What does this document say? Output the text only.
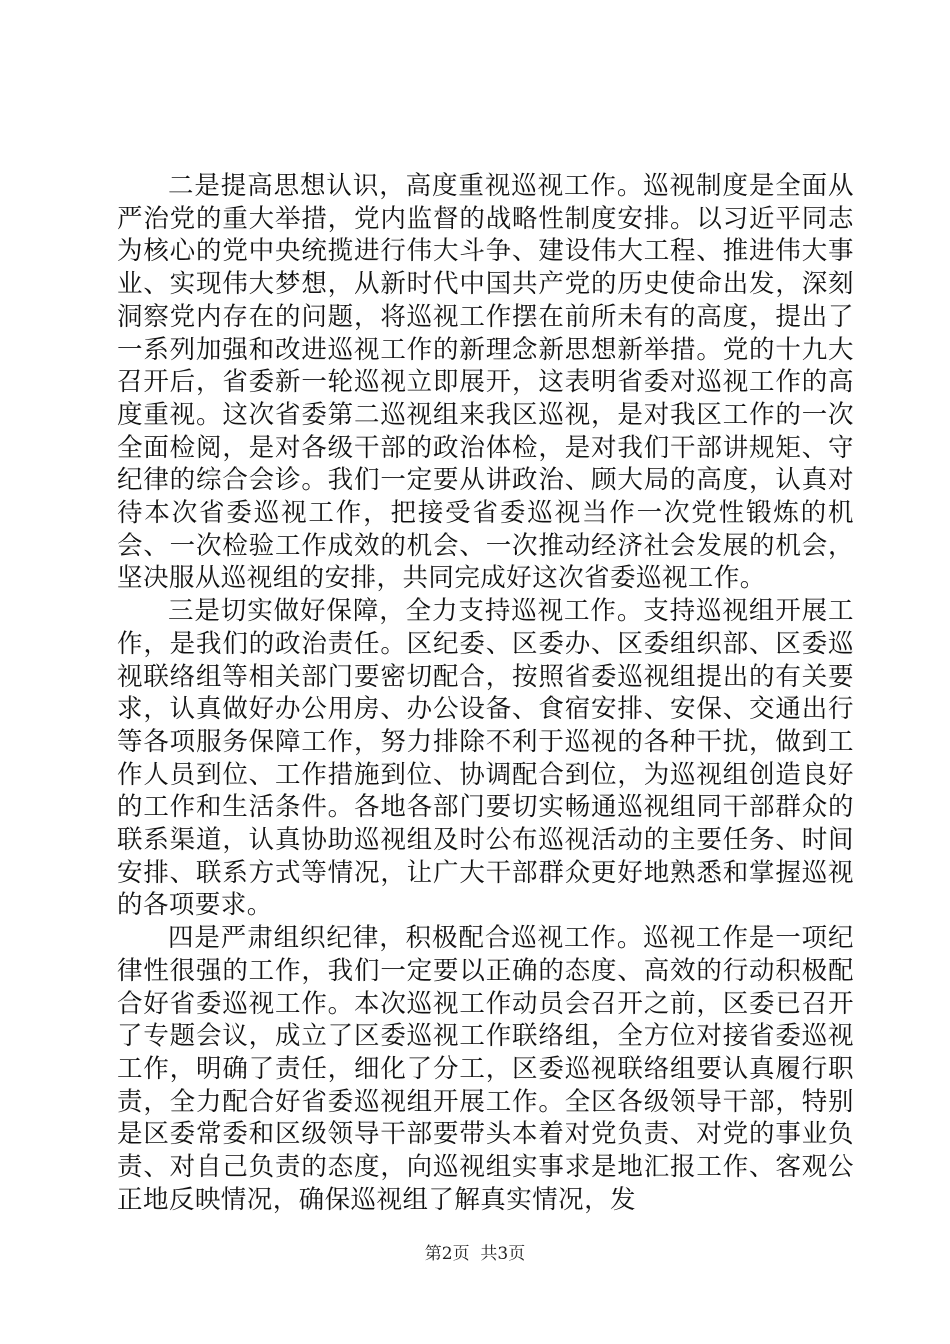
二是提高思想认识，高度重视巡视工作。巡视制度是全面从严治党的重大举措，党内监督的战略性制度安排。以习近平同志为核心的党中央统揽进行伟大斗争、建设伟大工程、推进伟大事业、实现伟大梦想，从新时代中国共产党的历史使命出发，深刻洞察党内存在的问题，将巡视工作摆在前所未有的高度，提出了一系列加强和改进巡视工作的新理念新思想新举措。党的十九大召开后，省委新一轮巡视立即展开，这表明省委对巡视工作的高度重视。这次省委第二巡视组来我区巡视，是对我区工作的一次全面检阅，是对各级干部的政治体检，是对我们干部讲规矩、守纪律的综合会诊。我们一定要从讲政治、顾大局的高度，认真对待本次省委巡视工作，把接受省委巡视当作一次党性锻炼的机会、一次检验工作成效的机会、一次推动经济社会发展的机会，坚决服从巡视组的安排，共同完成好这次省委巡视工作。

三是切实做好保障，全力支持巡视工作。支持巡视组开展工作，是我们的政治责任。区纪委、区委办、区委组织部、区委巡视联络组等相关部门要密切配合，按照省委巡视组提出的有关要求，认真做好办公用房、办公设备、食宿安排、安保、交通出行等各项服务保障工作，努力排除不利于巡视的各种干扰，做到工作人员到位、工作措施到位、协调配合到位，为巡视组创造良好的工作和生活条件。各地各部门要切实畅通巡视组同干部群众的联系渠道，认真协助巡视组及时公布巡视活动的主要任务、时间安排、联系方式等情况，让广大干部群众更好地熟悉和掌握巡视的各项要求。

四是严肃组织纪律，积极配合巡视工作。巡视工作是一项纪律性很强的工作，我们一定要以正确的态度、高效的行动积极配合好省委巡视工作。本次巡视工作动员会召开之前，区委已召开了专题会议，成立了区委巡视工作联络组，全方位对接省委巡视工作，明确了责任，细化了分工，区委巡视联络组要认真履行职责，全力配合好省委巡视组开展工作。全区各级领导干部，特别是区委常委和区级领导干部要带头本着对党负责、对党的事业负责、对自己负责的态度，向巡视组实事求是地汇报工作、客观公正地反映情况，确保巡视组了解真实情况，发

第2页  共3页
